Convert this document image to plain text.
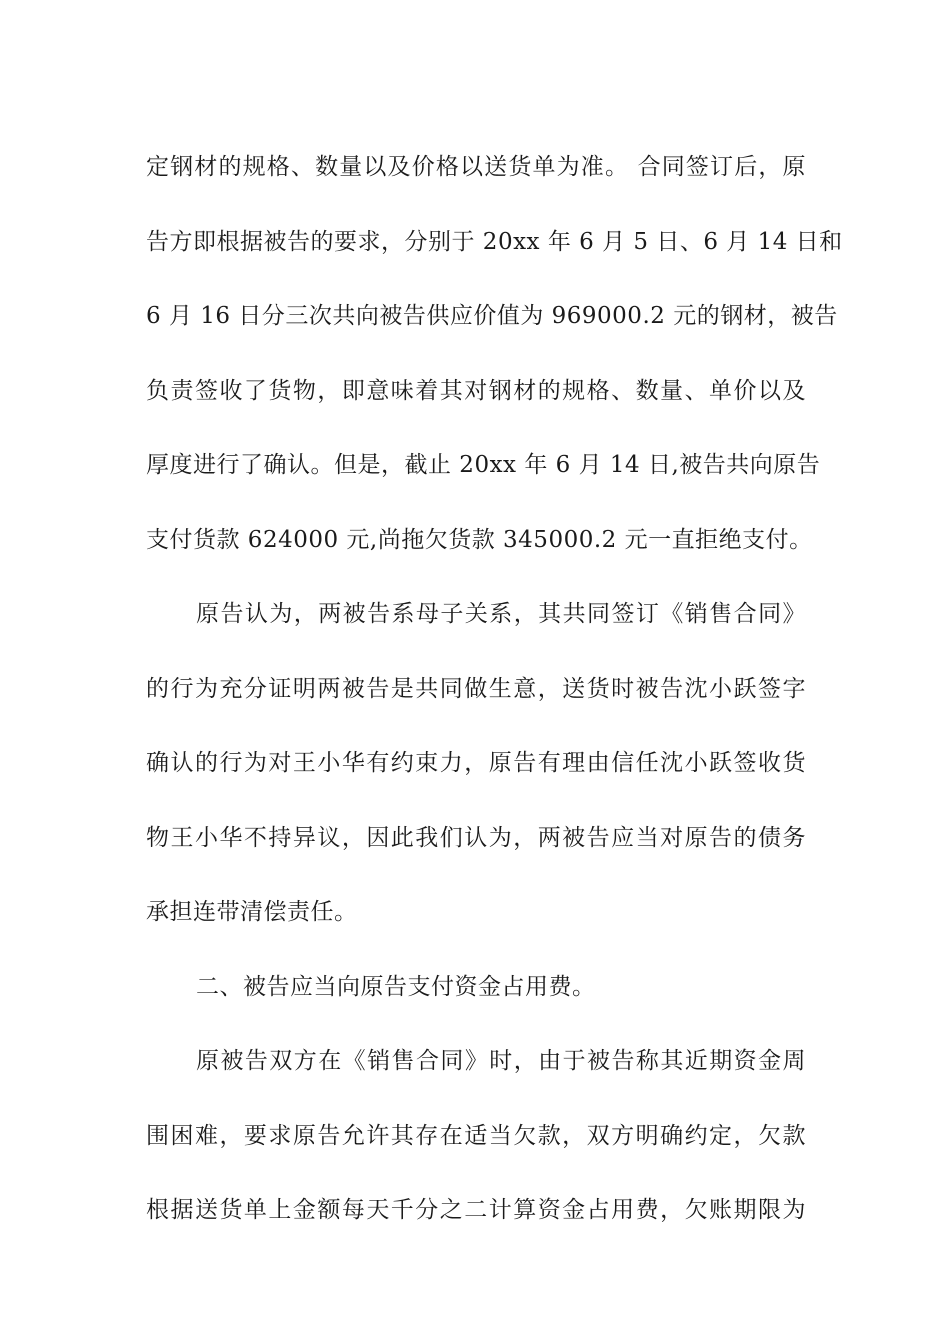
定钢材的规格、数量以及价格以送货单为准。 合同签订后，原
告方即根据被告的要求，分别于 20xx 年 6 月 5 日、6 月 14 日和
6 月 16 日分三次共向被告供应价值为 969000.2 元的钢材，被告
负责签收了货物，即意味着其对钢材的规格、数量、单价以及
厚度进行了确认。但是，截止 20xx 年 6 月 14 日,被告共向原告
支付货款 624000 元,尚拖欠货款 345000.2 元一直拒绝支付。
原告认为，两被告系母子关系，其共同签订《销售合同》
的行为充分证明两被告是共同做生意，送货时被告沈小跃签字
确认的行为对王小华有约束力，原告有理由信任沈小跃签收货
物王小华不持异议，因此我们认为，两被告应当对原告的债务
承担连带清偿责任。
二、被告应当向原告支付资金占用费。
原被告双方在《销售合同》时，由于被告称其近期资金周
围困难，要求原告允许其存在适当欠款，双方明确约定，欠款
根据送货单上金额每天千分之二计算资金占用费，欠账期限为
